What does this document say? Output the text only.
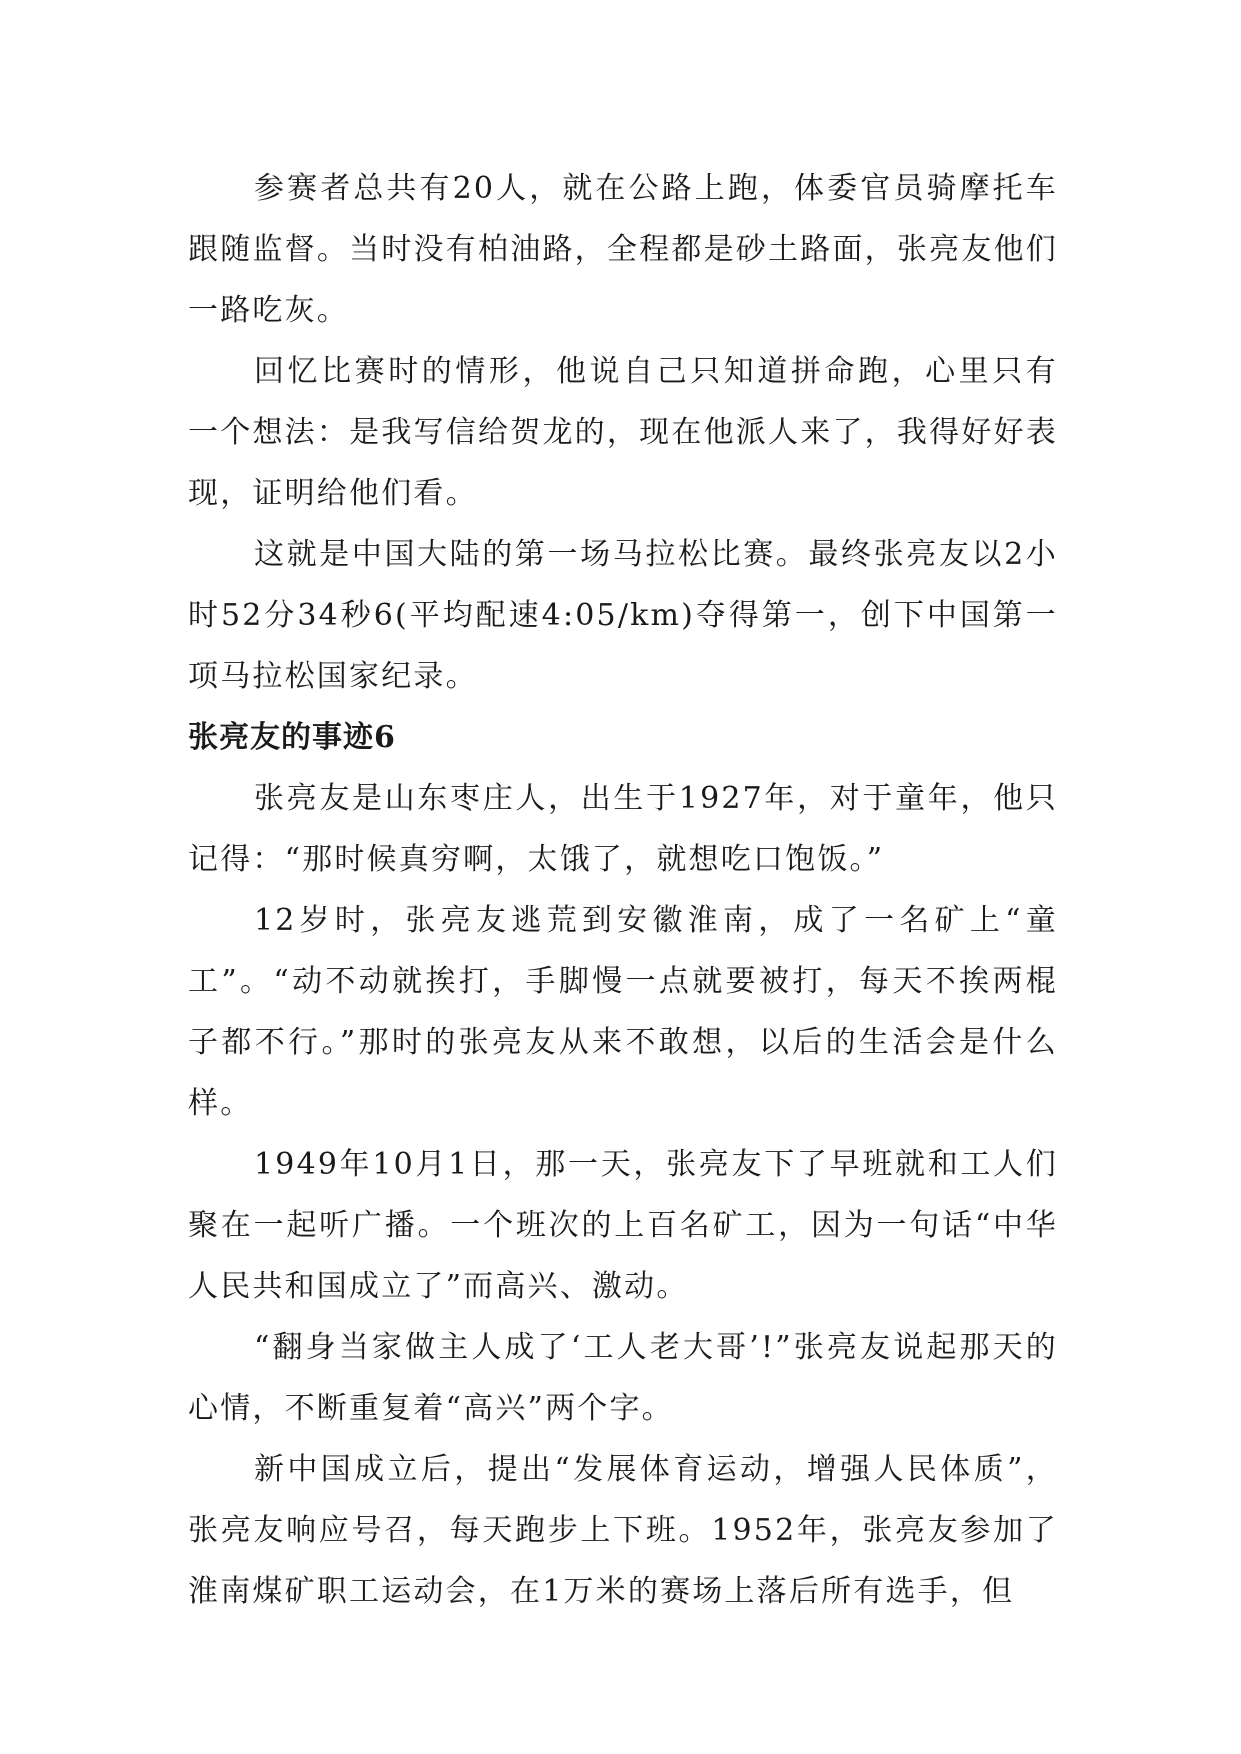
参赛者总共有20人，就在公路上跑，体委官员骑摩托车跟随监督。当时没有柏油路，全程都是砂土路面，张亮友他们一路吃灰。

回忆比赛时的情形，他说自己只知道拼命跑，心里只有一个想法：是我写信给贺龙的，现在他派人来了，我得好好表现，证明给他们看。

这就是中国大陆的第一场马拉松比赛。最终张亮友以2小时52分34秒6(平均配速4:05/km)夺得第一，创下中国第一项马拉松国家纪录。

张亮友的事迹6

张亮友是山东枣庄人，出生于1927年，对于童年，他只记得：“那时候真穷啊，太饿了，就想吃口饱饭。”

12岁时，张亮友逃荒到安徽淮南，成了一名矿上“童工”。“动不动就挨打，手脚慢一点就要被打，每天不挨两棍子都不行。”那时的张亮友从来不敢想，以后的生活会是什么样。

1949年10月1日，那一天，张亮友下了早班就和工人们聚在一起听广播。一个班次的上百名矿工，因为一句话“中华人民共和国成立了”而高兴、激动。

“翻身当家做主人成了‘工人老大哥’!”张亮友说起那天的心情，不断重复着“高兴”两个字。

新中国成立后，提出“发展体育运动，增强人民体质”，张亮友响应号召，每天跑步上下班。1952年，张亮友参加了淮南煤矿职工运动会，在1万米的赛场上落后所有选手，但
